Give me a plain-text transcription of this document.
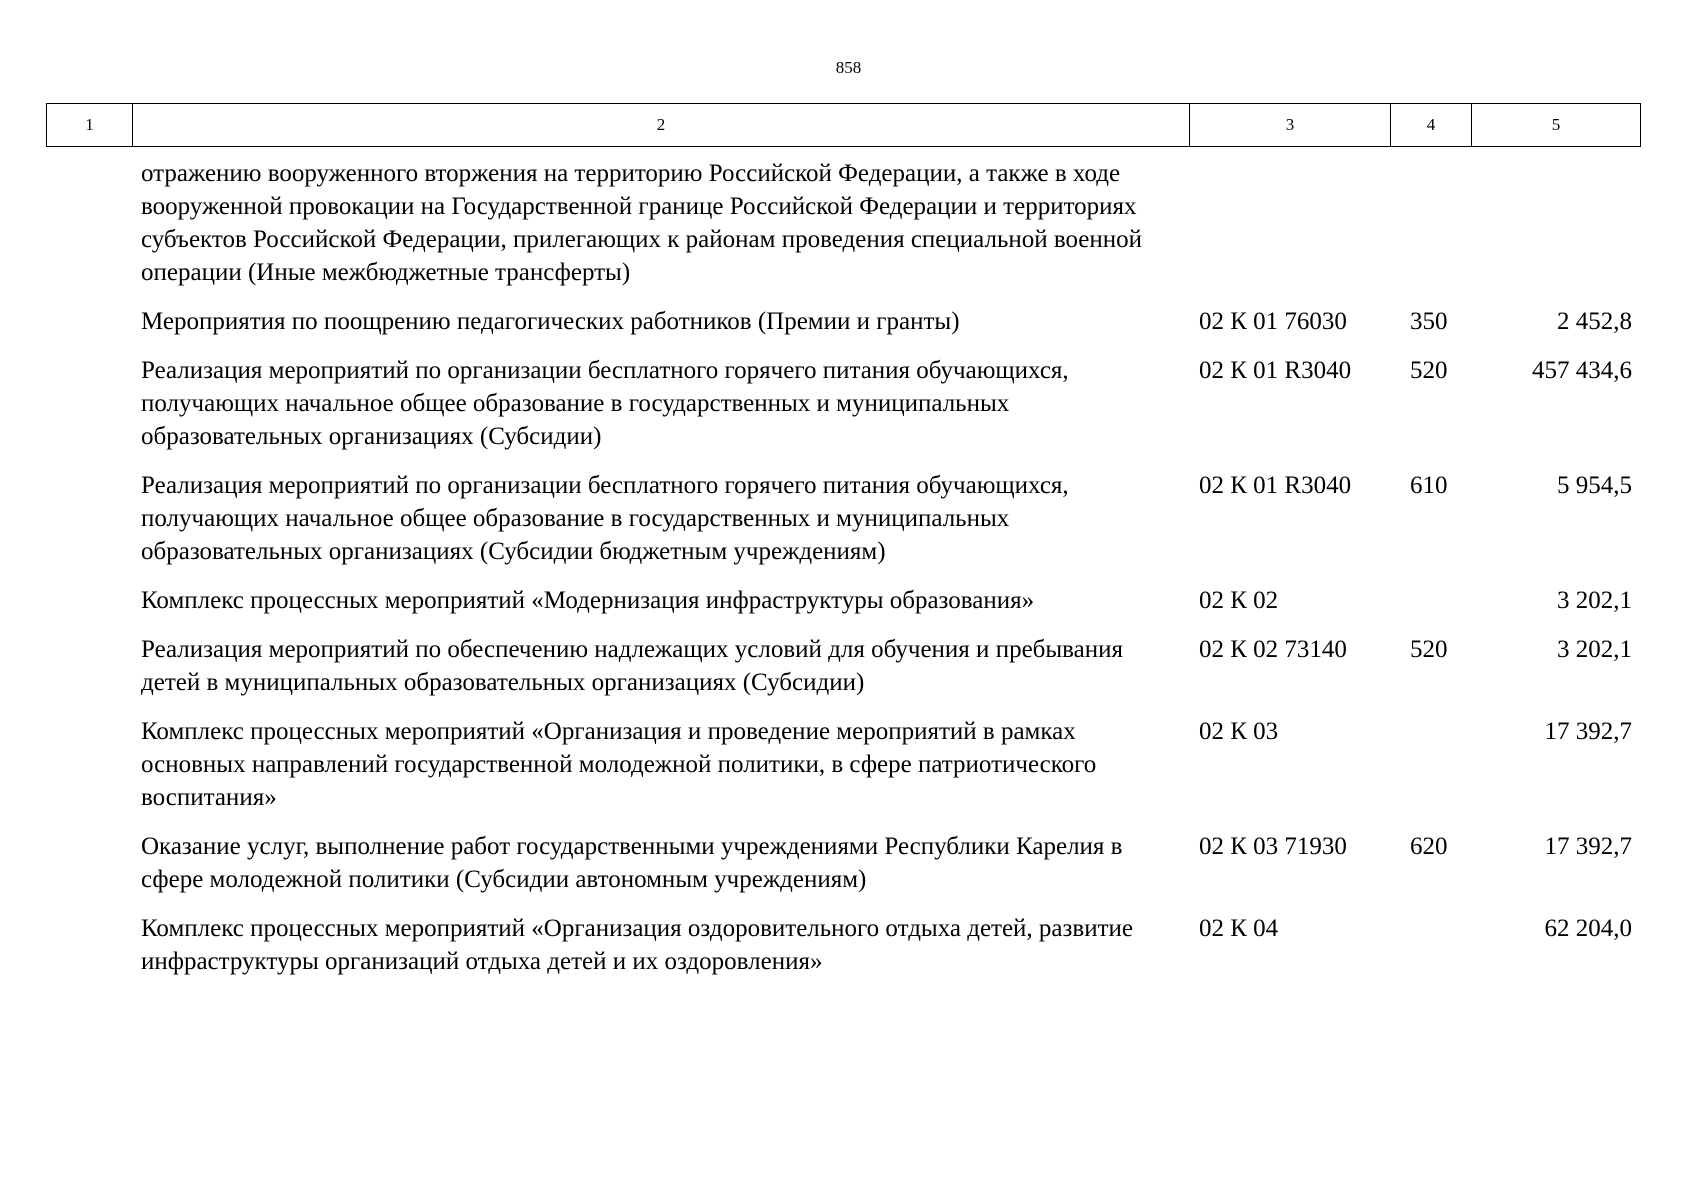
858
1	2	3	4	5
отражению вооруженного вторжения на территорию Российской Федерации, а также в ходе вооруженной провокации на Государственной границе Российской Федерации и территориях субъектов Российской Федерации, прилегающих к районам проведения специальной военной операции (Иные межбюджетные трансферты)			
Мероприятия по поощрению педагогических работников (Премии и гранты)	02 К 01 76030	350	2 452,8
Реализация мероприятий по организации бесплатного горячего питания обучающихся, получающих начальное общее образование в государственных и муниципальных образовательных организациях (Субсидии)	02 К 01 R3040	520	457 434,6
Реализация мероприятий по организации бесплатного горячего питания обучающихся, получающих начальное общее образование в государственных и муниципальных образовательных организациях (Субсидии бюджетным учреждениям)	02 К 01 R3040	610	5 954,5
Комплекс процессных мероприятий «Модернизация инфраструктуры образования»	02 К 02		3 202,1
Реализация мероприятий по обеспечению надлежащих условий для обучения и пребывания детей в муниципальных образовательных организациях (Субсидии)	02 К 02 73140	520	3 202,1
Комплекс процессных мероприятий «Организация и проведение мероприятий в рамках основных направлений государственной молодежной политики, в сфере патриотического воспитания»	02 К 03		17 392,7
Оказание услуг, выполнение работ государственными учреждениями Республики Карелия в сфере молодежной политики (Субсидии автономным учреждениям)	02 К 03 71930	620	17 392,7
Комплекс процессных мероприятий «Организация оздоровительного отдыха детей, развитие инфраструктуры организаций отдыха детей и их оздоровления»	02 К 04		62 204,0
